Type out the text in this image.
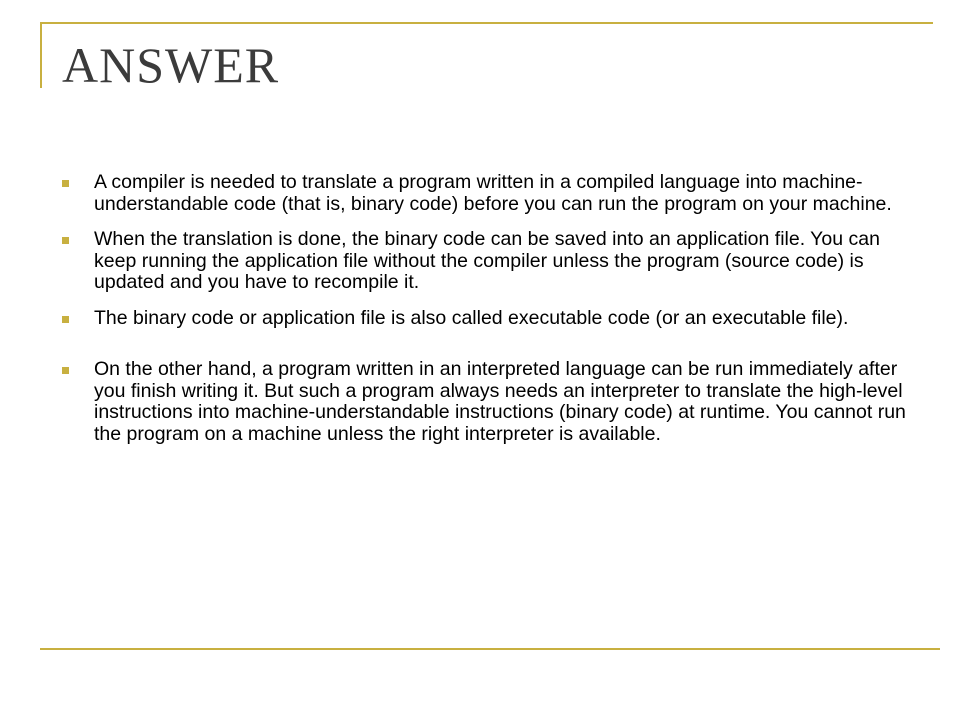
ANSWER
A compiler is needed to translate a program written in a compiled language into machine-understandable code (that is, binary code) before you can run the program on your machine.
When the translation is done, the binary code can be saved into an application file. You can keep running the application file without the compiler unless the program (source code) is updated and you have to recompile it.
The binary code or application file is also called executable code (or an executable file).
On the other hand, a program written in an interpreted language can be run immediately after you finish writing it. But such a program always needs an interpreter to translate the high-level instructions into machine-understandable instructions (binary code) at runtime. You cannot run the program on a machine unless the right interpreter is available.
